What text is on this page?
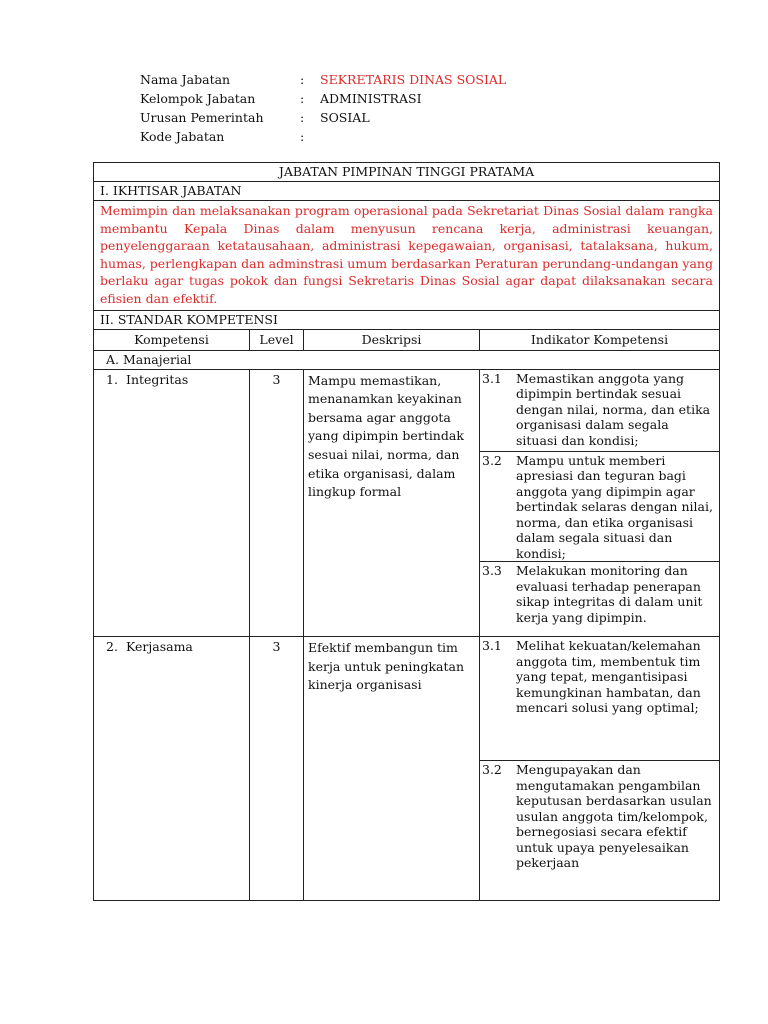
Nama Jabatan	:	SEKRETARIS DINAS SOSIAL
Kelompok Jabatan	:	ADMINISTRASI
Urusan Pemerintah	:	SOSIAL
Kode Jabatan	:
JABATAN PIMPINAN TINGGI PRATAMA
I. IKHTISAR JABATAN
Memimpin dan melaksanakan program operasional pada Sekretariat Dinas Sosial dalam rangka membantu Kepala Dinas dalam menyusun rencana kerja, administrasi keuangan, penyelenggaraan ketatausahaan, administrasi kepegawaian, organisasi, tatalaksana, hukum, humas, perlengkapan dan adminstrasi umum berdasarkan Peraturan perundang-undangan yang berlaku agar tugas pokok dan fungsi Sekretaris Dinas Sosial agar dapat dilaksanakan secara efisien dan efektif.
II. STANDAR KOMPETENSI
Kompetensi	Level	Deskripsi	Indikator Kompetensi
A. Manajerial
1. Integritas	3	Mampu memastikan, menanamkan keyakinan bersama agar anggota yang dipimpin bertindak sesuai nilai, norma, dan etika organisasi, dalam lingkup formal	
3.1	Memastikan anggota yang dipimpin bertindak sesuai dengan nilai, norma, dan etika organisasi dalam segala situasi dan kondisi;
3.2	Mampu untuk memberi apresiasi dan teguran bagi anggota yang dipimpin agar bertindak selaras dengan nilai, norma, dan etika organisasi dalam segala situasi dan kondisi;
3.3	Melakukan monitoring dan evaluasi terhadap penerapan sikap integritas di dalam unit kerja yang dipimpin.

2. Kerjasama	3	Efektif membangun tim kerja untuk peningkatan kinerja organisasi	
3.1	Melihat kekuatan/kelemahan anggota tim, membentuk tim yang tepat, mengantisipasi kemungkinan hambatan, dan mencari solusi yang optimal;
3.2	Mengupayakan dan mengutamakan pengambilan keputusan berdasarkan usulan usulan anggota tim/kelompok, bernegosiasi secara efektif untuk upaya penyelesaikan pekerjaan
